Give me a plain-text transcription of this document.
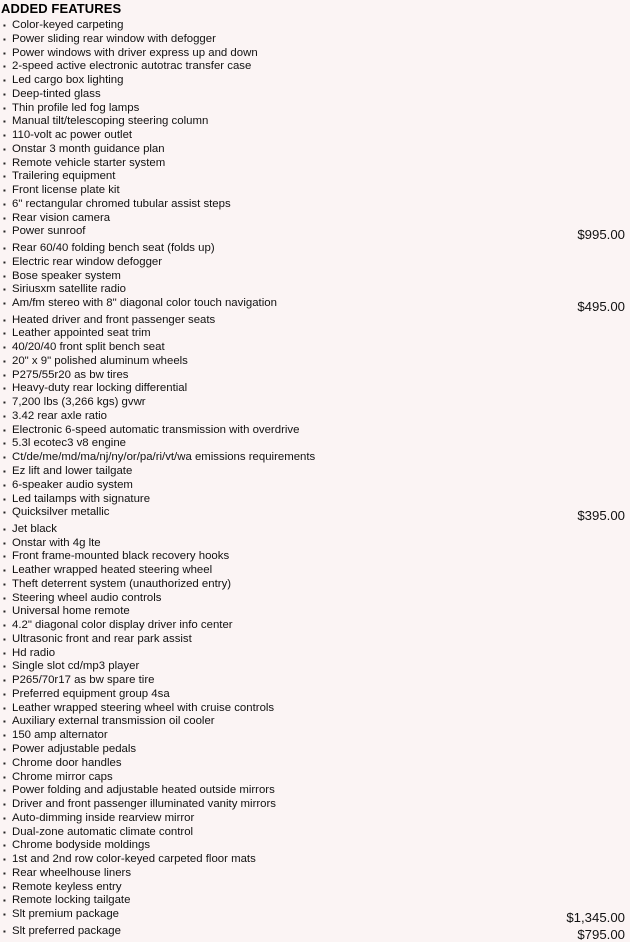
ADDED FEATURES
▪ Color-keyed carpeting
▪ Power sliding rear window with defogger
▪ Power windows with driver express up and down
▪ 2-speed active electronic autotrac transfer case
▪ Led cargo box lighting
▪ Deep-tinted glass
▪ Thin profile led fog lamps
▪ Manual tilt/telescoping steering column
▪ 110-volt ac power outlet
▪ Onstar 3 month guidance plan
▪ Remote vehicle starter system
▪ Trailering equipment
▪ Front license plate kit
▪ 6" rectangular chromed tubular assist steps
▪ Rear vision camera
▪ Power sunroof	$995.00
▪ Rear 60/40 folding bench seat (folds up)
▪ Electric rear window defogger
▪ Bose speaker system
▪ Siriusxm satellite radio
▪ Am/fm stereo with 8" diagonal color touch navigation	$495.00
▪ Heated driver and front passenger seats
▪ Leather appointed seat trim
▪ 40/20/40 front split bench seat
▪ 20" x 9" polished aluminum wheels
▪ P275/55r20 as bw tires
▪ Heavy-duty rear locking differential
▪ 7,200 lbs (3,266 kgs) gvwr
▪ 3.42 rear axle ratio
▪ Electronic 6-speed automatic transmission with overdrive
▪ 5.3l ecotec3 v8 engine
▪ Ct/de/me/md/ma/nj/ny/or/pa/ri/vt/wa emissions requirements
▪ Ez lift and lower tailgate
▪ 6-speaker audio system
▪ Led tailamps with signature
▪ Quicksilver metallic	$395.00
▪ Jet black
▪ Onstar with 4g lte
▪ Front frame-mounted black recovery hooks
▪ Leather wrapped heated steering wheel
▪ Theft deterrent system (unauthorized entry)
▪ Steering wheel audio controls
▪ Universal home remote
▪ 4.2" diagonal color display driver info center
▪ Ultrasonic front and rear park assist
▪ Hd radio
▪ Single slot cd/mp3 player
▪ P265/70r17 as bw spare tire
▪ Preferred equipment group 4sa
▪ Leather wrapped steering wheel with cruise controls
▪ Auxiliary external transmission oil cooler
▪ 150 amp alternator
▪ Power adjustable pedals
▪ Chrome door handles
▪ Chrome mirror caps
▪ Power folding and adjustable heated outside mirrors
▪ Driver and front passenger illuminated vanity mirrors
▪ Auto-dimming inside rearview mirror
▪ Dual-zone automatic climate control
▪ Chrome bodyside moldings
▪ 1st and 2nd row color-keyed carpeted floor mats
▪ Rear wheelhouse liners
▪ Remote keyless entry
▪ Remote locking tailgate
▪ Slt premium package	$1,345.00
▪ Slt preferred package	$795.00
